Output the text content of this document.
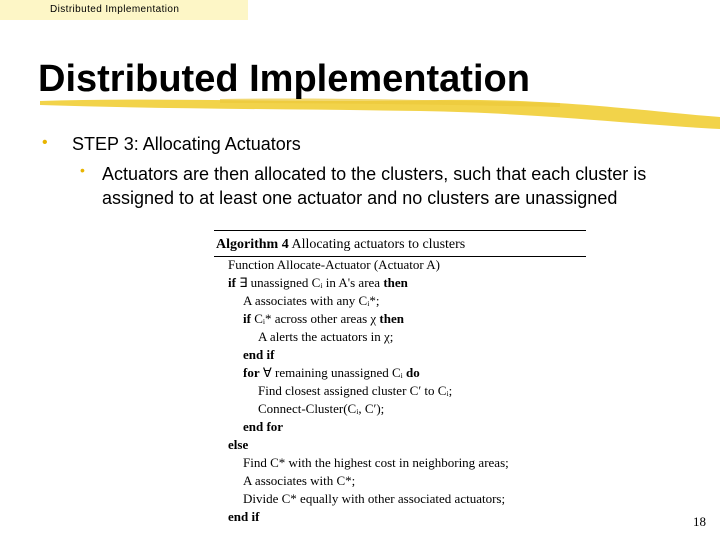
Distributed Implementation
Distributed Implementation
• STEP 3: Allocating Actuators
• Actuators are then allocated to the clusters, such that each cluster is assigned to at least one actuator and no clusters are unassigned
Algorithm 4 Allocating actuators to clusters
Function Allocate-Actuator (Actuator A)
if ∃ unassigned Cᵢ in A's area then
A associates with any Cᵢ*;
if Cᵢ* across other areas χ then
A alerts the actuators in χ;
end if
for ∀ remaining unassigned Cᵢ do
Find closest assigned cluster C′ to Cᵢ;
Connect-Cluster(Cᵢ, C′);
end for
else
Find C* with the highest cost in neighboring areas;
A associates with C*;
Divide C* equally with other associated actuators;
end if	18
